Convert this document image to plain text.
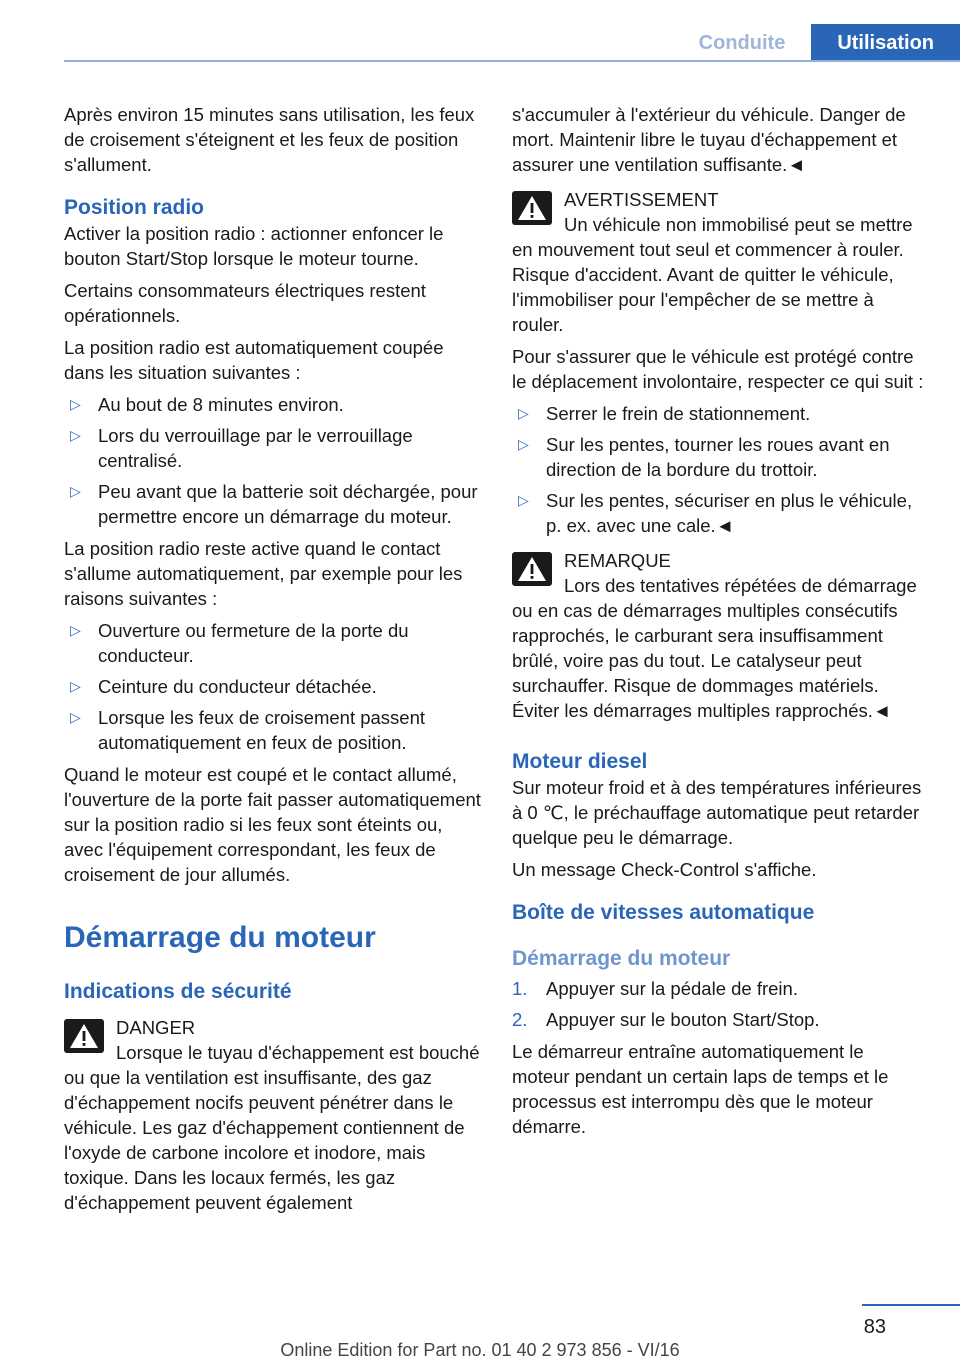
Conduite	Utilisation

Après environ 15 minutes sans utilisation, les feux de croisement s'éteignent et les feux de position s'allument.

Position radio

Activer la position radio : actionner enfoncer le bouton Start/Stop lorsque le moteur tourne.

Certains consommateurs électriques restent opérationnels.

La position radio est automatiquement coupée dans les situation suivantes :

▷ Au bout de 8 minutes environ.
▷ Lors du verrouillage par le verrouillage centralisé.
▷ Peu avant que la batterie soit déchargée, pour permettre encore un démarrage du moteur.

La position radio reste active quand le contact s'allume automatiquement, par exemple pour les raisons suivantes :

▷ Ouverture ou fermeture de la porte du conducteur.
▷ Ceinture du conducteur détachée.
▷ Lorsque les feux de croisement passent automatiquement en feux de position.

Quand le moteur est coupé et le contact allumé, l'ouverture de la porte fait passer automatiquement sur la position radio si les feux sont éteints ou, avec l'équipement correspondant, les feux de croisement de jour allumés.

Démarrage du moteur
Indications de sécurité
DANGER
Lorsque le tuyau d'échappement est bouché ou que la ventilation est insuffisante, des gaz d'échappement nocifs peuvent pénétrer dans le véhicule. Les gaz d'échappement contiennent de l'oxyde de carbone incolore et inodore, mais toxique. Dans les locaux fermés, les gaz d'échappement peuvent également

s'accumuler à l'extérieur du véhicule. Danger de mort. Maintenir libre le tuyau d'échappement et assurer une ventilation suffisante.◄

AVERTISSEMENT
Un véhicule non immobilisé peut se mettre en mouvement tout seul et commencer à rouler. Risque d'accident. Avant de quitter le véhicule, l'immobiliser pour l'empêcher de se mettre à rouler.

Pour s'assurer que le véhicule est protégé contre le déplacement involontaire, respecter ce qui suit :

▷ Serrer le frein de stationnement.
▷ Sur les pentes, tourner les roues avant en direction de la bordure du trottoir.
▷ Sur les pentes, sécuriser en plus le véhicule, p. ex. avec une cale.◄
REMARQUE
Lors des tentatives répétées de démarrage ou en cas de démarrages multiples consécutifs rapprochés, le carburant sera insuffisamment brûlé, voire pas du tout. Le catalyseur peut surchauffer. Risque de dommages matériels. Éviter les démarrages multiples rapprochés.◄
Moteur diesel

Sur moteur froid et à des températures inférieures à 0 ℃, le préchauffage automatique peut retarder quelque peu le démarrage.

Un message Check-Control s'affiche.

Boîte de vitesses automatique
Démarrage du moteur
1. Appuyer sur la pédale de frein.
2. Appuyer sur le bouton Start/Stop.

Le démarreur entraîne automatiquement le moteur pendant un certain laps de temps et le processus est interrompu dès que le moteur démarre.

83
Online Edition for Part no. 01 40 2 973 856 - VI/16
